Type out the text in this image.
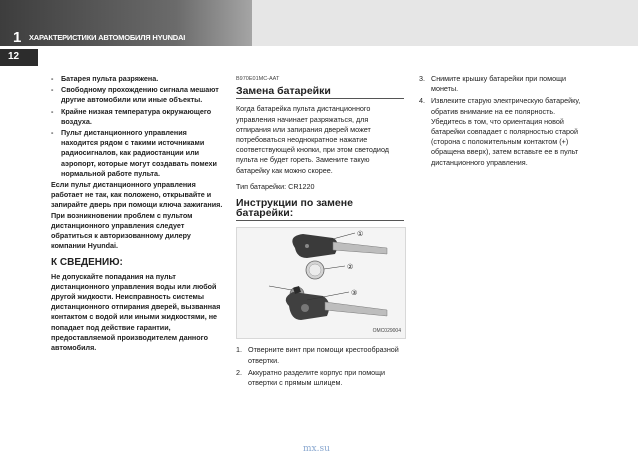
1 ХАРАКТЕРИСТИКИ АВТОМОБИЛЯ HYUNDAI
12
-	Батарея пульта разряжена.
-	Свободному прохождению сигнала мешают другие автомобили или иные объекты.
-	Крайне низкая температура окружающего воздуха.
-	Пульт дистанционного управления находится рядом с такими источниками радиосигналов, как радиостанции или аэропорт, которые могут создавать помехи нормальной работе пульта.
Если пульт дистанционного управления работает не так, как положено, открывайте и запирайте дверь при помощи ключа зажигания. При возникновении проблем с пультом дистанционного управления следует обратиться к авторизованному дилеру компании Hyundai.
К СВЕДЕНИЮ:
Не допускайте попадания на пульт дистанционного управления воды или любой другой жидкости. Неисправность системы дистанционного отпирания дверей, вызванная контактом с водой или иными жидкостями, не попадает под действие гарантии, предоставляемой производителем данного автомобиля.
B970E01MC-AAT
Замена батарейки
Когда батарейка пульта дистанционного управления начинает разряжаться, для отпирания или запирания дверей может потребоваться неоднократное нажатие соответствующей кнопки, при этом светодиод пульта не будет гореть. Замените такую батарейку как можно скорее.
Тип батарейки: CR1220
Инструкции по замене батарейки:
①
②
③
OMC029004
1. Отверните винт при помощи крестообразной отвертки.
2. Аккуратно разделите корпус при помощи отвертки с прямым шлицем.
3. Снимите крышку батарейки при помощи монеты.
4. Извлеките старую электрическую батарейку, обратив внимание на ее полярность. Убедитесь в том, что ориентация новой батарейки совпадает с полярностью старой (сторона с положительным контактом (+) обращена вверх), затем вставьте ее в пульт дистанционного управления.
mx.su
